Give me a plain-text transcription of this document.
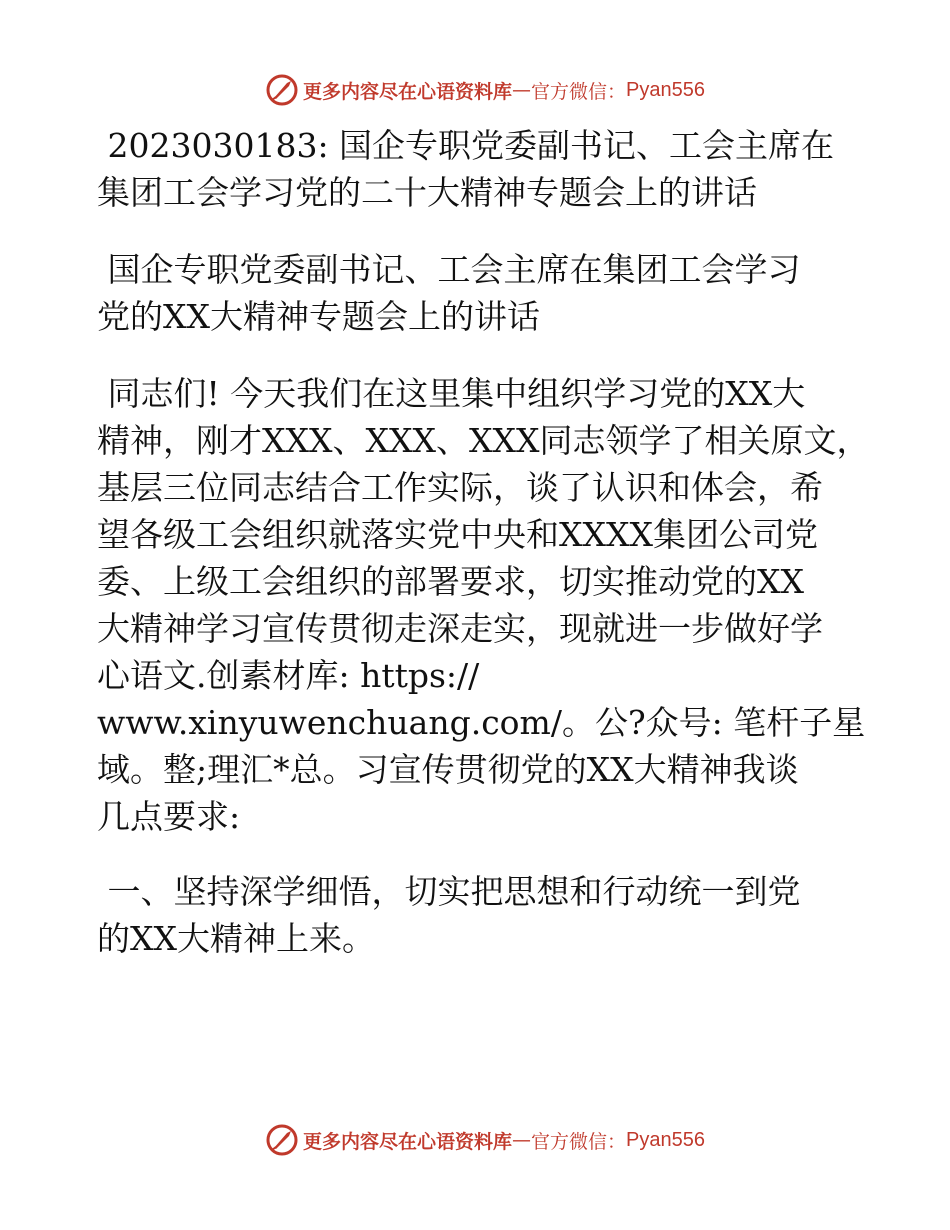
更多内容尽在心语资料库 — 官方微信： Pyan556

2023030183: 国企专职党委副书记、工会主席在

集团工会学习党的二十大精神专题会上的讲话

国企专职党委副书记、工会主席在集团工会学习

党的XX大精神专题会上的讲话

同志们! 今天我们在这里集中组织学习党的XX大

精神，刚才XXX、XXX、XXX同志领学了相关原文，

基层三位同志结合工作实际，谈了认识和体会，希

望各级工会组织就落实党中央和XXXX集团公司党

委、上级工会组织的部署要求，切实推动党的XX

大精神学习宣传贯彻走深走实，现就进一步做好学

心语文.创素材库: https://

www.xinyuwenchuang.com/。公?众号: 笔杆子星

域。整;理汇*总。习宣传贯彻党的XX大精神我谈

几点要求:

一、坚持深学细悟，切实把思想和行动统一到党

的XX大精神上来。

更多内容尽在心语资料库 — 官方微信： Pyan556
